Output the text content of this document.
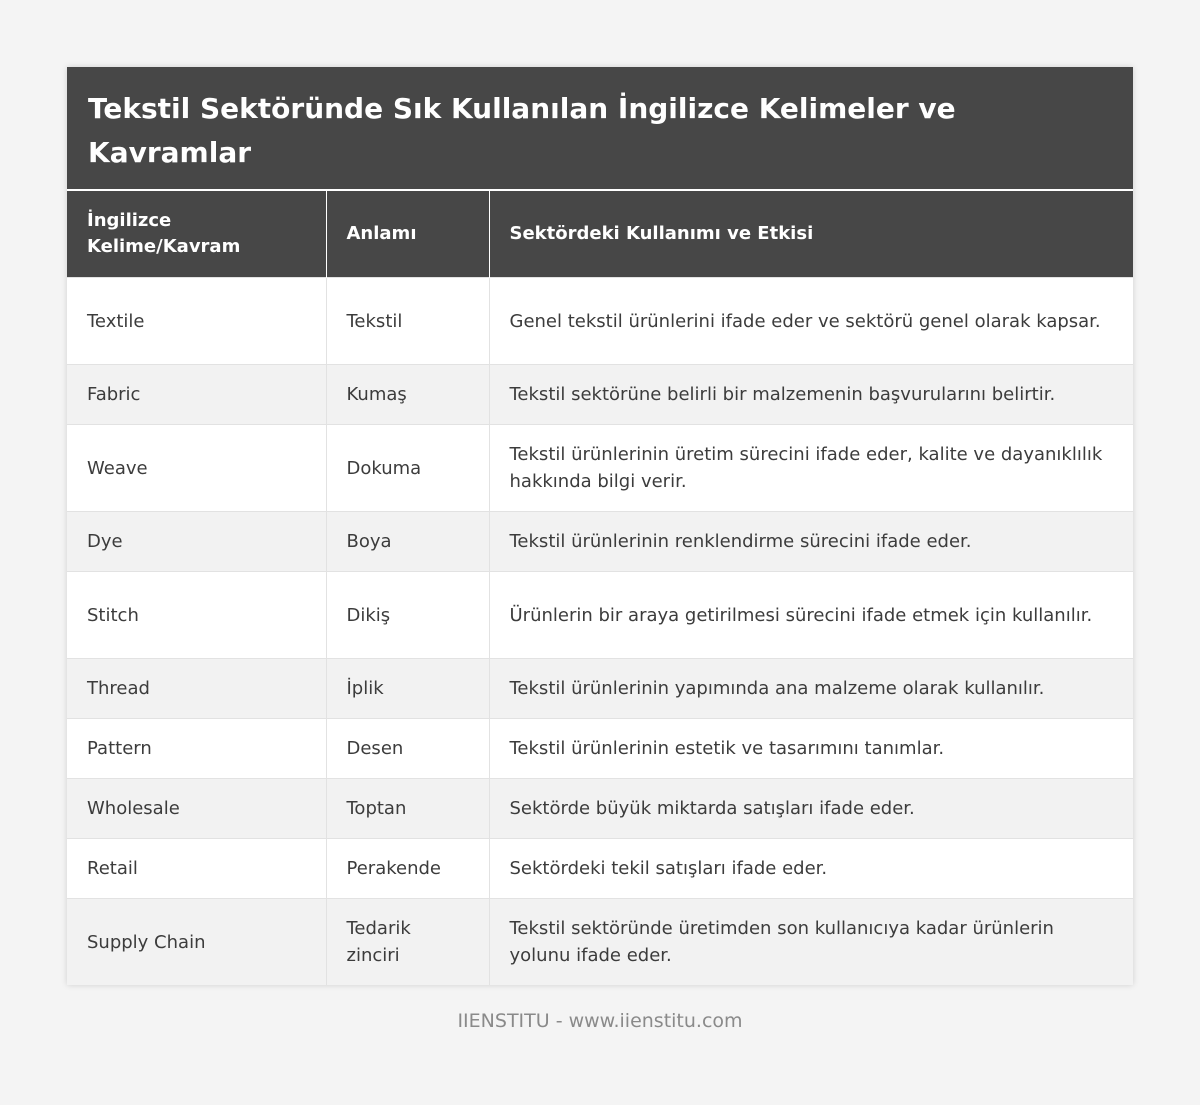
Tekstil Sektöründe Sık Kullanılan İngilizce Kelimeler ve Kavramlar
İngilizce Kelime/Kavram	Anlamı	Sektördeki Kullanımı ve Etkisi
Textile	Tekstil	Genel tekstil ürünlerini ifade eder ve sektörü genel olarak kapsar.
Fabric	Kumaş	Tekstil sektörüne belirli bir malzemenin başvurularını belirtir.
Weave	Dokuma	Tekstil ürünlerinin üretim sürecini ifade eder, kalite ve dayanıklılık hakkında bilgi verir.
Dye	Boya	Tekstil ürünlerinin renklendirme sürecini ifade eder.
Stitch	Dikiş	Ürünlerin bir araya getirilmesi sürecini ifade etmek için kullanılır.
Thread	İplik	Tekstil ürünlerinin yapımında ana malzeme olarak kullanılır.
Pattern	Desen	Tekstil ürünlerinin estetik ve tasarımını tanımlar.
Wholesale	Toptan	Sektörde büyük miktarda satışları ifade eder.
Retail	Perakende	Sektördeki tekil satışları ifade eder.
Supply Chain	Tedarik zinciri	Tekstil sektöründe üretimden son kullanıcıya kadar ürünlerin yolunu ifade eder.
IIENSTITU - www.iienstitu.com
